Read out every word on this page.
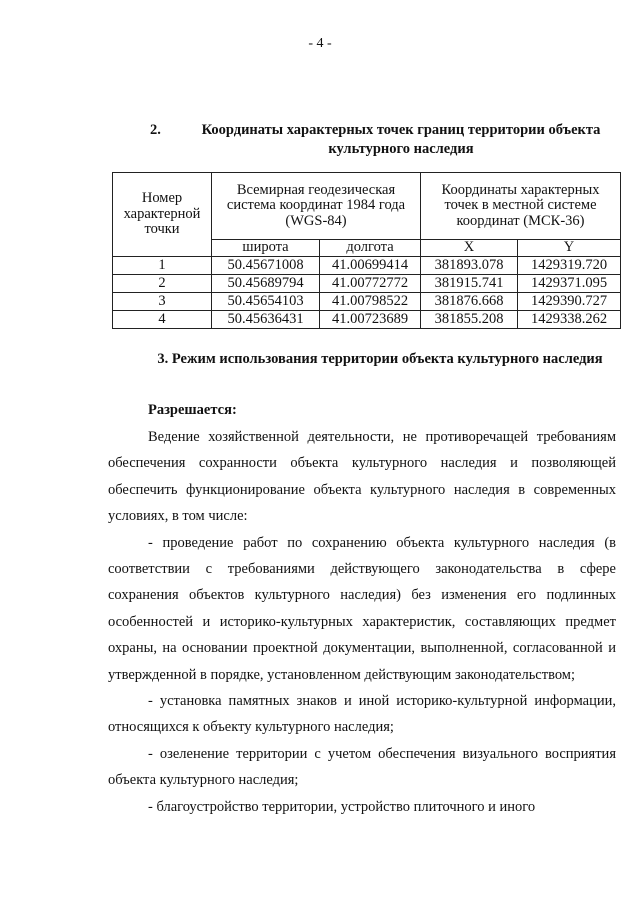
- 4 -
2.	Координаты характерных точек границ территории объекта культурного наследия
Номер характерной точки	Всемирная геодезическая система координат 1984 года (WGS-84)		Координаты характерных точек в местной системе координат (МСК-36)	
	широта	долгота	X	Y
1	50.45671008	41.00699414	381893.078	1429319.720
2	50.45689794	41.00772772	381915.741	1429371.095
3	50.45654103	41.00798522	381876.668	1429390.727
4	50.45636431	41.00723689	381855.208	1429338.262
3. Режим использования территории объекта культурного наследия
Разрешается:

Ведение хозяйственной деятельности, не противоречащей требованиям обеспечения сохранности объекта культурного наследия и позволяющей обеспечить функционирование объекта культурного наследия в современных условиях, в том числе:

- проведение работ по сохранению объекта культурного наследия (в соответствии с требованиями действующего законодательства в сфере сохранения объектов культурного наследия) без изменения его подлинных особенностей и историко-культурных характеристик, составляющих предмет охраны, на основании проектной документации, выполненной, согласованной и утвержденной в порядке, установленном действующим законодательством;

- установка памятных знаков и иной историко-культурной информации, относящихся к объекту культурного наследия;

- озеленение территории с учетом обеспечения визуального восприятия объекта культурного наследия;

- благоустройство территории, устройство плиточного и иного
